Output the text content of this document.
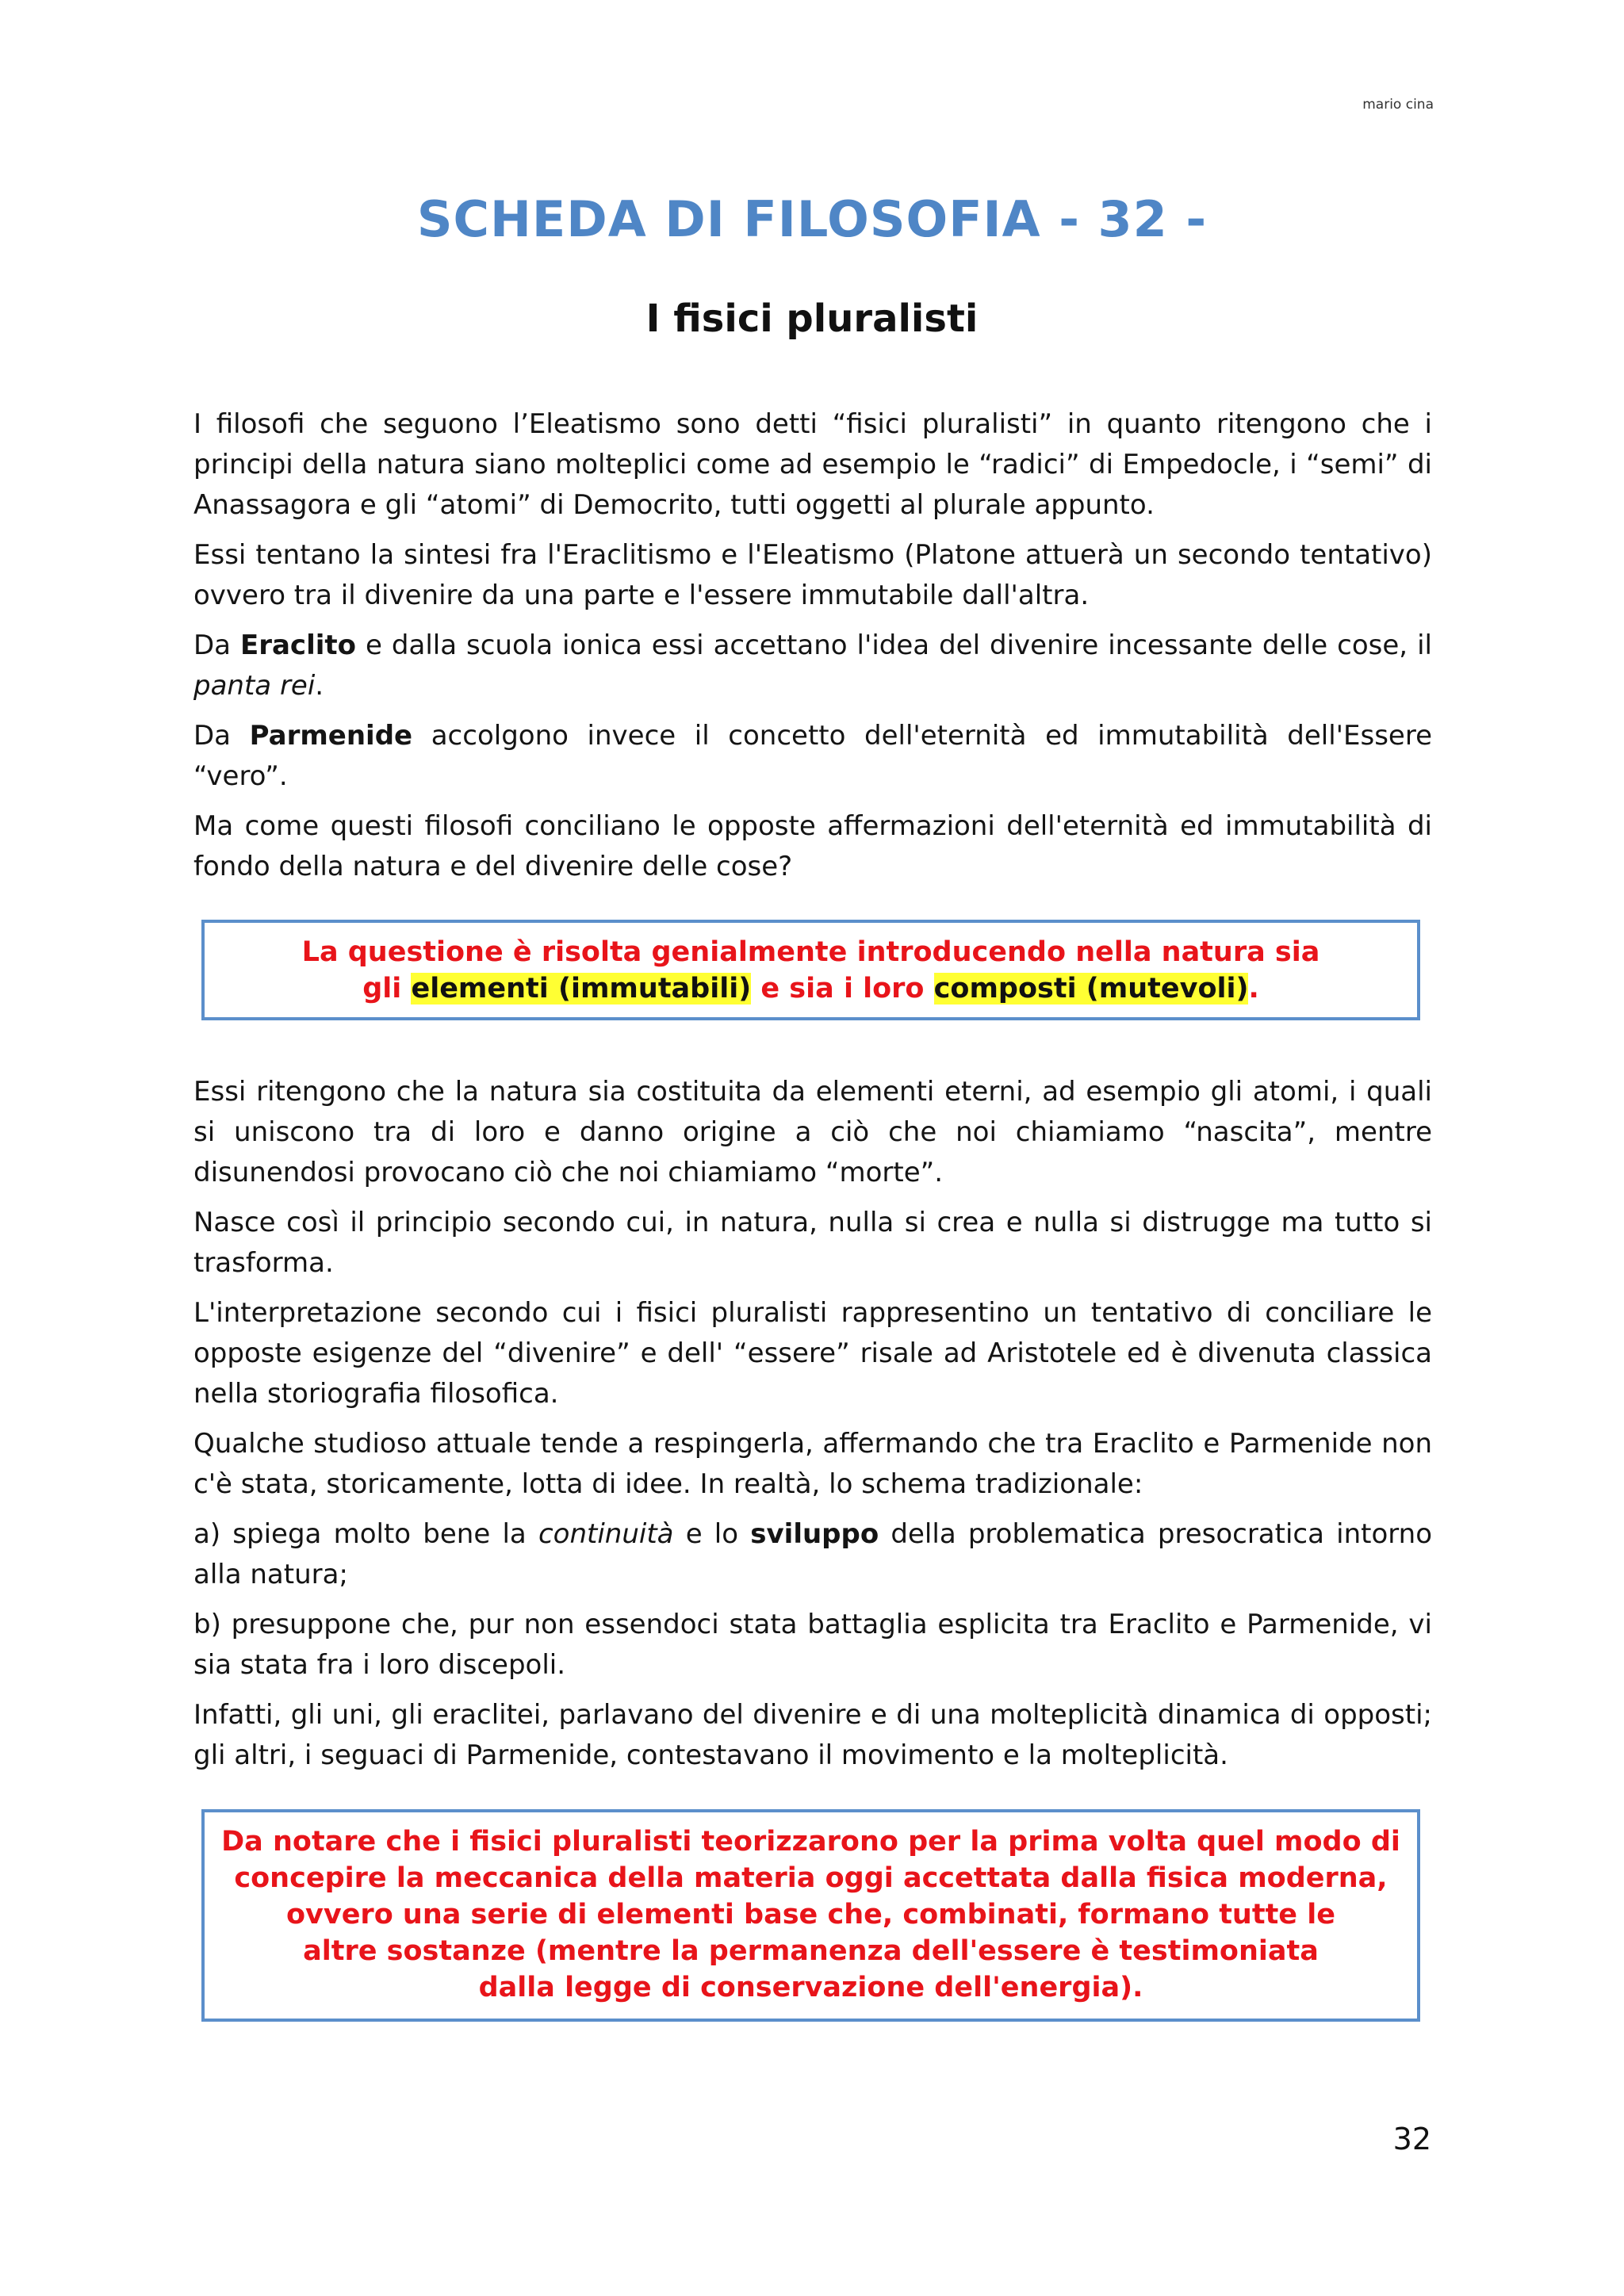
mario cina
SCHEDA DI FILOSOFIA - 32 -
I fisici pluralisti

I filosofi che seguono l’Eleatismo sono detti “fisici pluralisti” in quanto ritengono che i principi della natura siano molteplici come ad esempio le “radici” di Empedocle, i “semi” di Anassagora e gli “atomi” di Democrito, tutti oggetti al plurale appunto.

Essi tentano la sintesi fra l'Eraclitismo e l'Eleatismo (Platone attuerà un secondo tentativo) ovvero tra il divenire da una parte e l'essere immutabile dall'altra.

Da Eraclito e dalla scuola ionica essi accettano l'idea del divenire incessante delle cose, il panta rei.

Da Parmenide accolgono invece il concetto dell'eternità ed immutabilità dell'Essere “vero”.

Ma come questi filosofi conciliano le opposte affermazioni dell'eternità ed immutabilità di fondo della natura e del divenire delle cose?

La questione è risolta genialmente introducendo nella natura sia
gli elementi (immutabili) e sia i loro composti (mutevoli).

Essi ritengono che la natura sia costituita da elementi eterni, ad esempio gli atomi, i quali si uniscono tra di loro e danno origine a ciò che noi chiamiamo “nascita”, mentre disunendosi provocano ciò che noi chiamiamo “morte”.

Nasce così il principio secondo cui, in natura, nulla si crea e nulla si distrugge ma tutto si trasforma.

L'interpretazione secondo cui i fisici pluralisti rappresentino un tentativo di conciliare le opposte esigenze del “divenire” e dell' “essere” risale ad Aristotele ed è divenuta classica nella storiografia filosofica.

Qualche studioso attuale tende a respingerla, affermando che tra Eraclito e Parmenide non c'è stata, storicamente, lotta di idee. In realtà, lo schema tradizionale:

a) spiega molto bene la continuità e lo sviluppo della problematica presocratica intorno alla natura;

b) presuppone che, pur non essendoci stata battaglia esplicita tra Eraclito e Parmenide, vi sia stata fra i loro discepoli.

Infatti, gli uni, gli eraclitei, parlavano del divenire e di una molteplicità dinamica di opposti; gli altri, i seguaci di Parmenide, contestavano il movimento e la molteplicità.

Da notare che i fisici pluralisti teorizzarono per la prima volta quel modo di
concepire la meccanica della materia oggi accettata dalla fisica moderna,
ovvero una serie di elementi base che, combinati, formano tutte le
altre sostanze (mentre la permanenza dell'essere è testimoniata
dalla legge di conservazione dell'energia).
32
